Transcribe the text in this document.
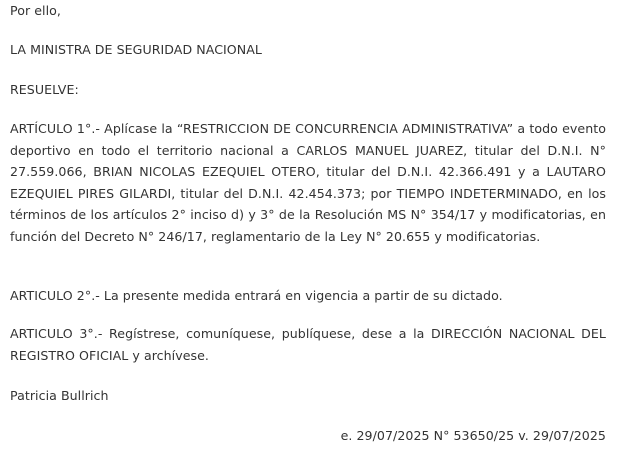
Por ello,
LA MINISTRA DE SEGURIDAD NACIONAL
RESUELVE:

ARTÍCULO 1°.- Aplícase la “RESTRICCION DE CONCURRENCIA ADMINISTRATIVA” a todo evento deportivo en todo el territorio nacional a CARLOS MANUEL JUAREZ, titular del D.N.I. N° 27.559.066, BRIAN NICOLAS EZEQUIEL OTERO, titular del D.N.I. 42.366.491 y a LAUTARO EZEQUIEL PIRES GILARDI, titular del D.N.I. 42.454.373; por TIEMPO INDETERMINADO, en los términos de los artículos 2° inciso d) y 3° de la Resolución MS N° 354/17 y modificatorias, en función del Decreto N° 246/17, reglamentario de la Ley N° 20.655 y modificatorias.

ARTICULO 2°.- La presente medida entrará en vigencia a partir de su dictado.

ARTICULO 3°.- Regístrese, comuníquese, publíquese, dese a la DIRECCIÓN NACIONAL DEL REGISTRO OFICIAL y archívese.

Patricia Bullrich
e. 29/07/2025 N° 53650/25 v. 29/07/2025
